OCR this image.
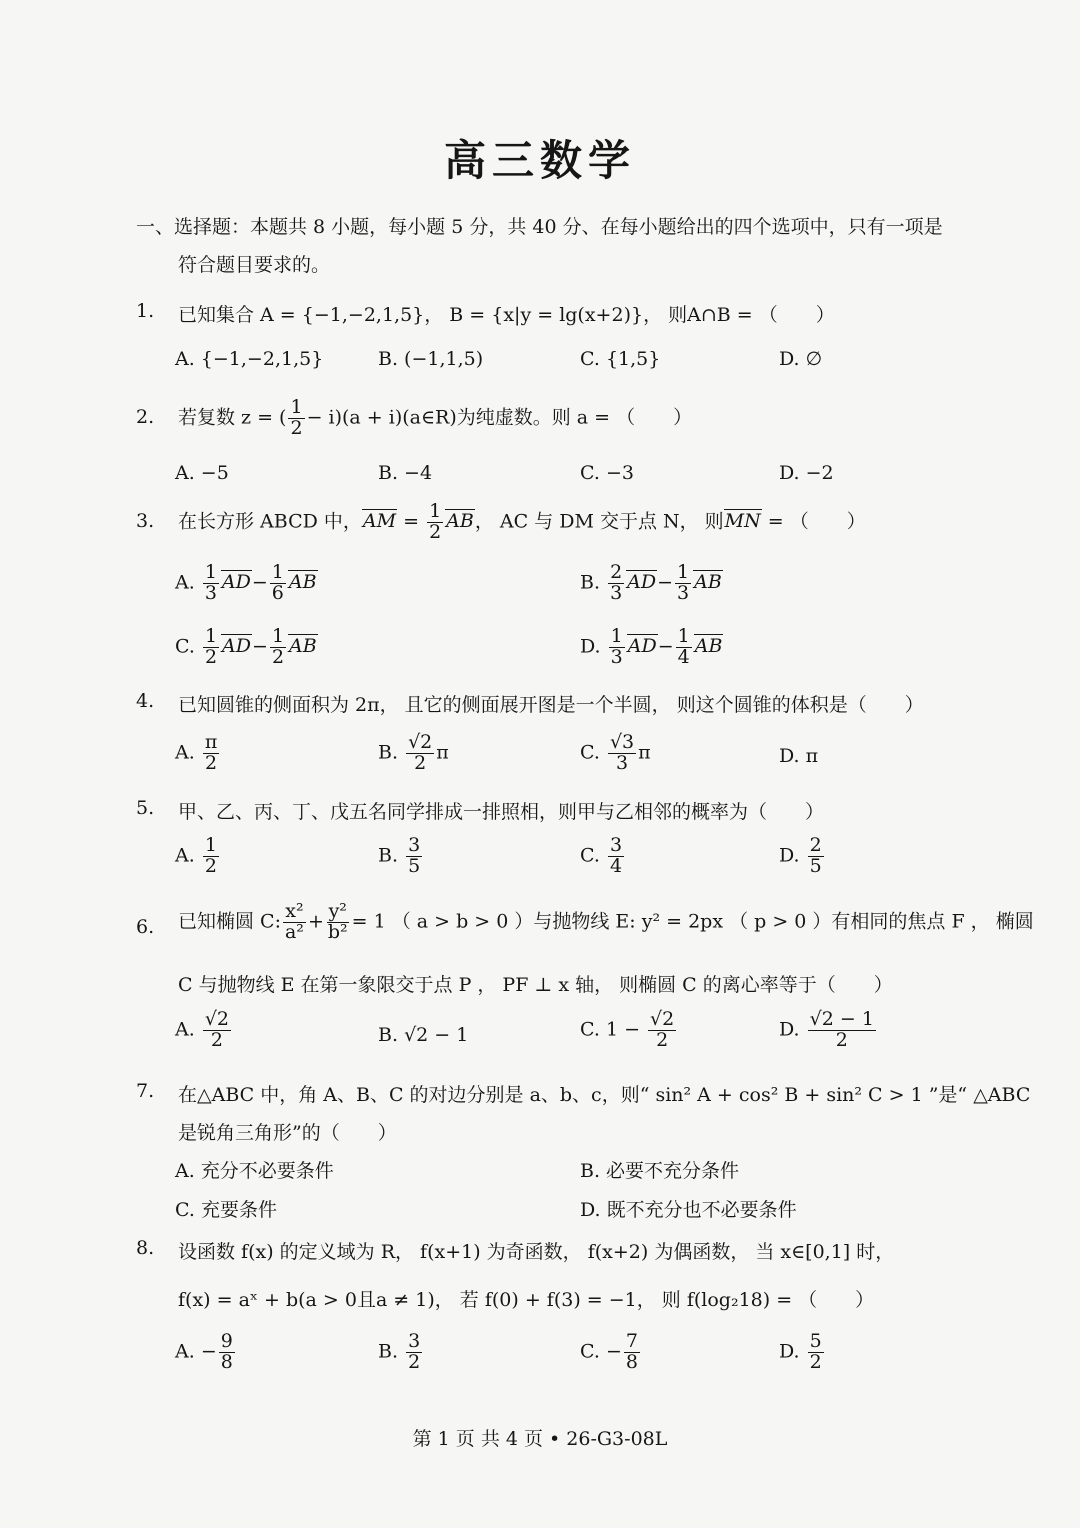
高三数学
一、选择题：本题共 8 小题，每小题 5 分，共 40 分、在每小题给出的四个选项中，只有一项是
符合题目要求的。
1.	已知集合 A = {−1,−2,1,5}， B = {x|y = lg(x+2)}， 则A∩B = （　　）
A. {−1,−2,1,5}	B. (−1,1,5)	C. {1,5}	D. ∅
2.	若复数 z = ( $\frac{1}{2} - i)(a$ + i)(a∈R)为纯虚数。则 a = （　　）
A. −5	B. −4	C. −3	D. −2
3.	在长方形 ABCD 中，AM = $\frac{1}{2}$ AB， AC 与 DM 交于点 N， 则MN = （　　）
A. $\frac{1}{3} AD- \frac{1}{6}$ AB	B. $\frac{2}{3} AD- \frac{1}{3}$ AB
C. $\frac{1}{2} AD- \frac{1}{2}$ AB	D. $\frac{1}{3} AD- \frac{1}{4}$ AB
4.	已知圆锥的侧面积为 2π， 且它的侧面展开图是一个半圆， 则这个圆锥的体积是（　　）
A. $\frac{\pi}{2}$	B. $\frac{√2}{2}$ π	C. $\frac{√3}{3}$ π	D. π
5.	甲、乙、丙、丁、戊五名同学排成一排照相，则甲与乙相邻的概率为（　　）
A. $\frac{1}{2}$	B. $\frac{3}{5}$	C. $\frac{3}{4}$	D. $\frac{2}{5}$
6.	已知椭圆 C: $\frac{\text{x²}}{\text{a²}} + \frac{\text{y²}}{\text{b²}} = 1$ （ a > b > 0 ）与抛物线 E: y² = 2px （ p > 0 ）有相同的焦点 F ， 椭圆
C 与抛物线 E 在第一象限交于点 P ， PF ⊥ x 轴， 则椭圆 C 的离心率等于（　　）
A. $\frac{√2}{2}$	B. √2 − 1	C. $1 - \frac{√2}{2}$	D. $\frac{√2 - 1}{2}$
7.	在△ABC 中，角 A、B、C 的对边分别是 a、b、c，则“ sin² A + cos² B + sin² C > 1 ”是“ △ABC
是锐角三角形”的（　　）
A. 充分不必要条件	B. 必要不充分条件
C. 充要条件	D. 既不充分也不必要条件
8.	设函数 f(x) 的定义域为 R， f(x+1) 为奇函数， f(x+2) 为偶函数， 当 x∈[0,1] 时，
f(x) = aˣ + b(a > 0且a ≠ 1)， 若 f(0) + f(3) = −1， 则 f(log₂18) = （　　）
A. − $\frac{9}{8}$	B. $\frac{3}{2}$	C. − $\frac{7}{8}$	D. $\frac{5}{2}$
第 1 页 共 4 页 • 26-G3-08L
